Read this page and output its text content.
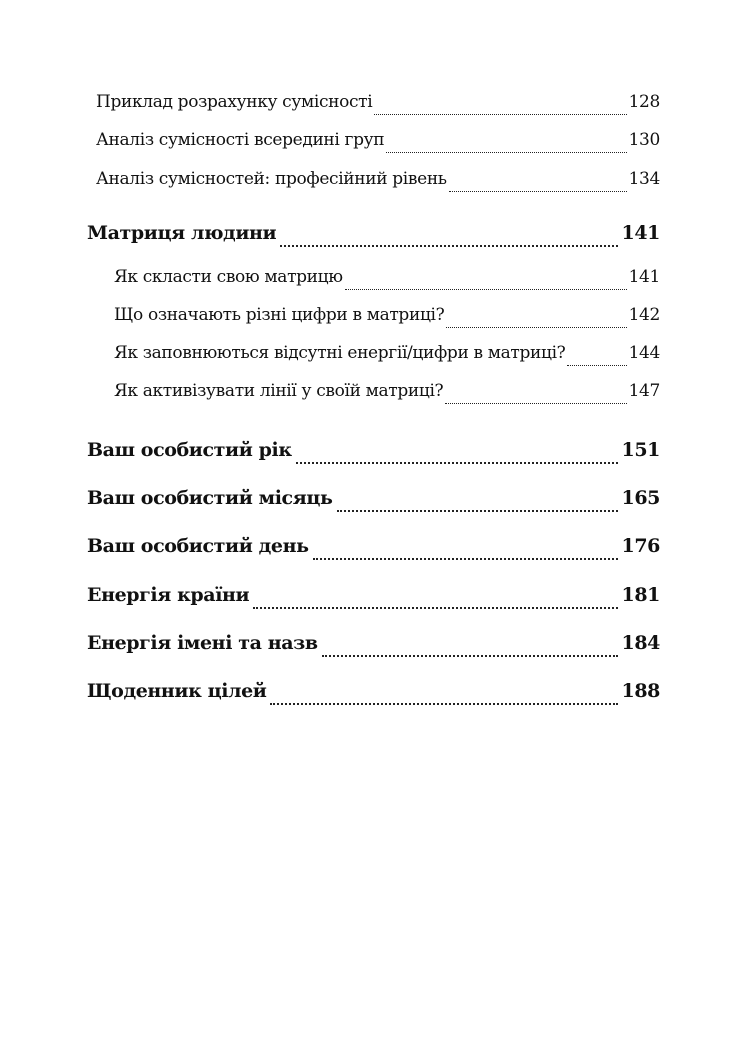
Приклад розрахунку сумісності	128
Аналіз сумісності всередині груп	130
Аналіз сумісностей: професійний рівень	134
Матриця людини	141
Як скласти свою матрицю	141
Що означають різні цифри в матриці?	142
Як заповнюються відсутні енергії/цифри в матриці?	144
Як активізувати лінії у своїй матриці?	147
Ваш особистий рік	151
Ваш особистий місяць	165
Ваш особистий день	176
Енергія країни	181
Енергія імені та назв	184
Щоденник цілей	188
